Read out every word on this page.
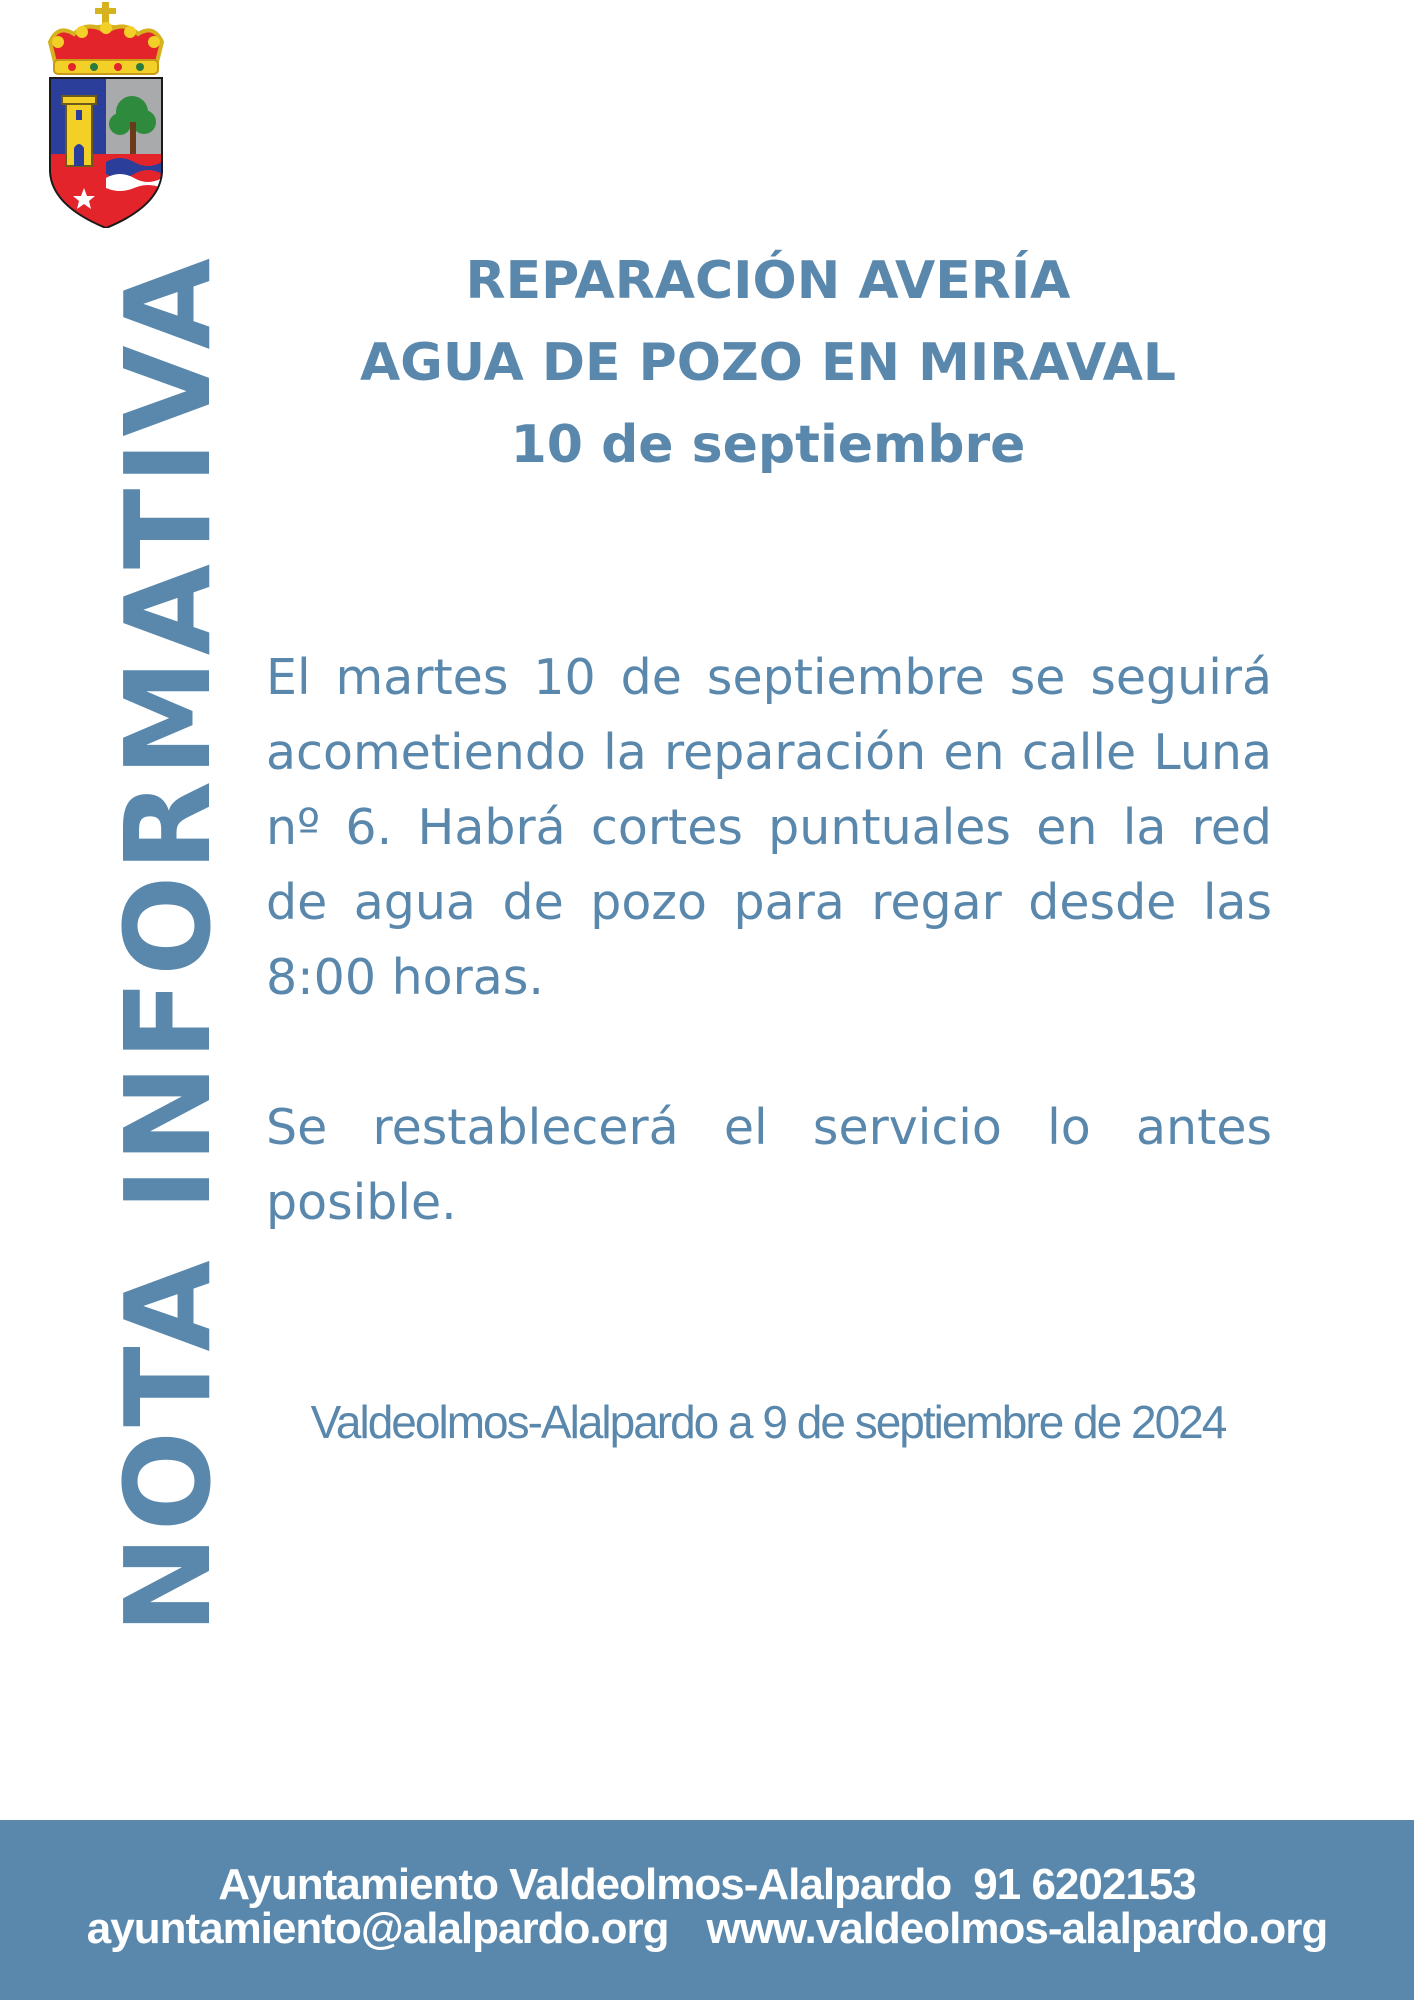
NOTA INFORMATIVA	REPARACIÓN AVERÍA
AGUA DE POZO EN MIRAVAL
10 de septiembre

El martes 10 de septiembre se seguirá acometiendo la reparación en calle Luna nº 6. Habrá cortes puntuales en la red de agua de pozo para regar desde las 8:00 horas.

Se restablecerá el servicio lo antes posible.

Valdeolmos-Alalpardo a 9 de septiembre de 2024
Ayuntamiento Valdeolmos-Alalpardo 91 6202153
ayuntamiento@alalpardo.org www.valdeolmos-alalpardo.org
